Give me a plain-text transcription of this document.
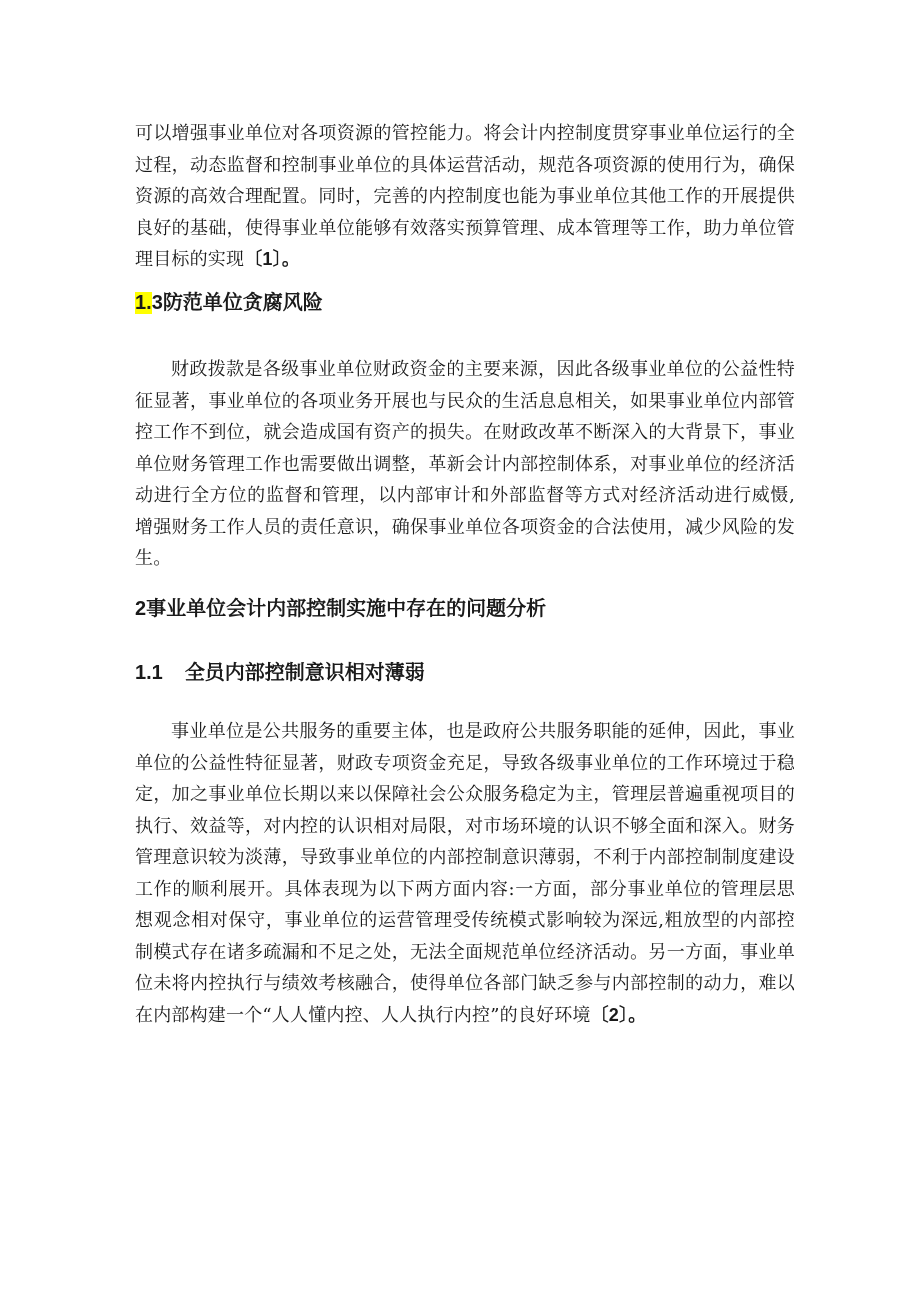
可以增强事业单位对各项资源的管控能力。将会计内控制度贯穿事业单位运行的全过程，动态监督和控制事业单位的具体运营活动，规范各项资源的使用行为，确保资源的高效合理配置。同时，完善的内控制度也能为事业单位其他工作的开展提供良好的基础，使得事业单位能够有效落实预算管理、成本管理等工作，助力单位管理目标的实现〔1〕。

1.3防范单位贪腐风险

财政拨款是各级事业单位财政资金的主要来源，因此各级事业单位的公益性特征显著，事业单位的各项业务开展也与民众的生活息息相关，如果事业单位内部管控工作不到位，就会造成国有资产的损失。在财政改革不断深入的大背景下，事业单位财务管理工作也需要做出调整，革新会计内部控制体系，对事业单位的经济活动进行全方位的监督和管理，以内部审计和外部监督等方式对经济活动进行威慑,增强财务工作人员的责任意识，确保事业单位各项资金的合法使用，减少风险的发生。

2事业单位会计内部控制实施中存在的问题分析
1.1 全员内部控制意识相对薄弱

事业单位是公共服务的重要主体，也是政府公共服务职能的延伸，因此，事业单位的公益性特征显著，财政专项资金充足，导致各级事业单位的工作环境过于稳定，加之事业单位长期以来以保障社会公众服务稳定为主，管理层普遍重视项目的执行、效益等，对内控的认识相对局限，对市场环境的认识不够全面和深入。财务管理意识较为淡薄，导致事业单位的内部控制意识薄弱，不利于内部控制制度建设工作的顺利展开。具体表现为以下两方面内容:一方面，部分事业单位的管理层思想观念相对保守，事业单位的运营管理受传统模式影响较为深远,粗放型的内部控制模式存在诸多疏漏和不足之处，无法全面规范单位经济活动。另一方面，事业单位未将内控执行与绩效考核融合，使得单位各部门缺乏参与内部控制的动力，难以在内部构建一个“人人懂内控、人人执行内控”的良好环境〔2〕。
